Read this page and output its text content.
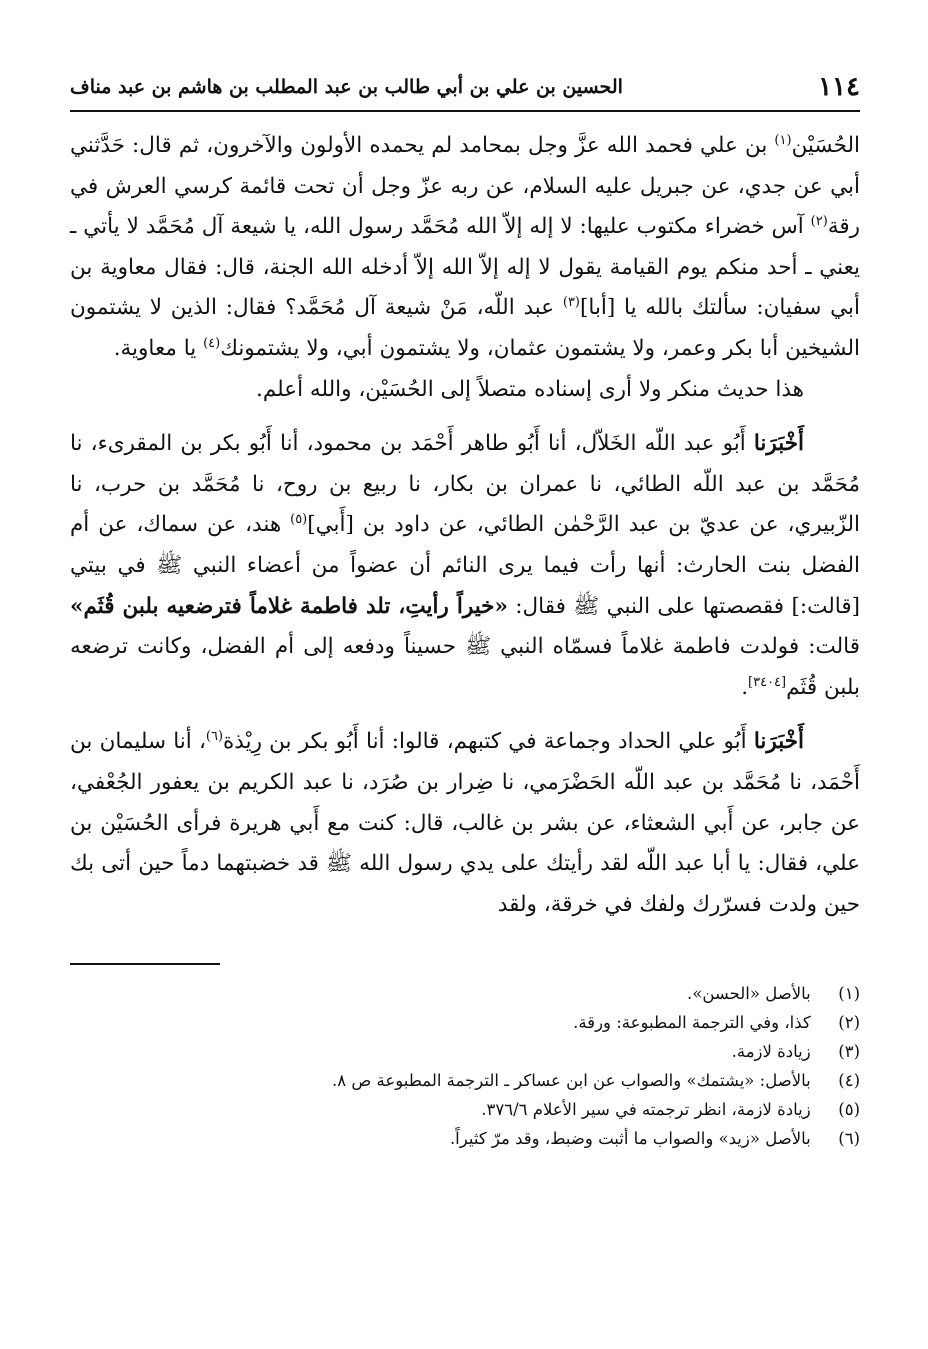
١١٤
الحسين بن علي بن أبي طالب بن عبد المطلب بن هاشم بن عبد مناف

الحُسَيْن$^{(١)}$ بن علي فحمد الله عزَّ وجل بمحامد لم يحمده الأولون والآخرون، ثم قال: حَدَّثني أبي عن جدي، عن جبريل عليه السلام، عن ربه عزّ وجل أن تحت قائمة كرسي العرش في رقة$^{(٢)}$ آس خضراء مكتوب عليها: لا إله إلاّ الله مُحَمَّد رسول الله، يا شيعة آل مُحَمَّد لا يأتي ـ يعني ـ أحد منكم يوم القيامة يقول لا إله إلاّ الله إلاّ أدخله الله الجنة، قال: فقال معاوية بن أبي سفيان: سألتك بالله يا [أبا]$^{(٣)}$ عبد اللّه، مَنْ شيعة آل مُحَمَّد؟ فقال: الذين لا يشتمون الشيخين أبا بكر وعمر، ولا يشتمون عثمان، ولا يشتمون أبي، ولا يشتمونك$^{(٤)}$ يا معاوية.

هذا حديث منكر ولا أرى إسناده متصلاً إلى الحُسَيْن، والله أعلم.

أَخْبَرَنا أَبُو عبد اللّه الخَلاّل، أنا أَبُو طاهر أَحْمَد بن محمود، أنا أَبُو بكر بن المقرىء، نا مُحَمَّد بن عبد اللّه الطائي، نا عمران بن بكار، نا ربيع بن روح، نا مُحَمَّد بن حرب، نا الزّبيري، عن عديّ بن عبد الرَّحْمٰن الطائي، عن داود بن [أَبي]$^{(٥)}$ هند، عن سماك، عن أم الفضل بنت الحارث: أنها رأت فيما يرى النائم أن عضواً من أعضاء النبي ﷺ في بيتي [قالت:] فقصصتها على النبي ﷺ فقال: «خيراً رأيتِ، تلد فاطمة غلاماً فترضعيه بلبن قُثَم» قالت: فولدت فاطمة غلاماً فسمّاه النبي ﷺ حسيناً ودفعه إلى أم الفضل، وكانت ترضعه بلبن قُثَم[٣٤٠٤].

أَخْبَرَنا أَبُو علي الحداد وجماعة في كتبهم، قالوا: أنا أَبُو بكر بن رِيْذة$^{(٦)}$، أنا سليمان بن أَحْمَد، نا مُحَمَّد بن عبد اللّه الحَضْرَمي، نا ضِرار بن صُرَد، نا عبد الكريم بن يعفور الجُعْفي، عن جابر، عن أَبي الشعثاء، عن بشر بن غالب، قال: كنت مع أَبي هريرة فرأى الحُسَيْن بن علي، فقال: يا أبا عبد اللّه لقد رأيتك على يدي رسول الله ﷺ قد خضبتهما دماً حين أتى بك حين ولدت فسرّرك ولفك في خرقة، ولقد

(١) بالأصل «الحسن».
(٢) كذا، وفي الترجمة المطبوعة: ورقة.
(٣) زيادة لازمة.
(٤) بالأصل: «يشتمك» والصواب عن ابن عساكر ـ الترجمة المطبوعة ص ٨.
(٥) زيادة لازمة، انظر ترجمته في سير الأعلام ٣٧٦/٦.
(٦) بالأصل «زيد» والصواب ما أثبت وضبط، وقد مرّ كثيراً.
